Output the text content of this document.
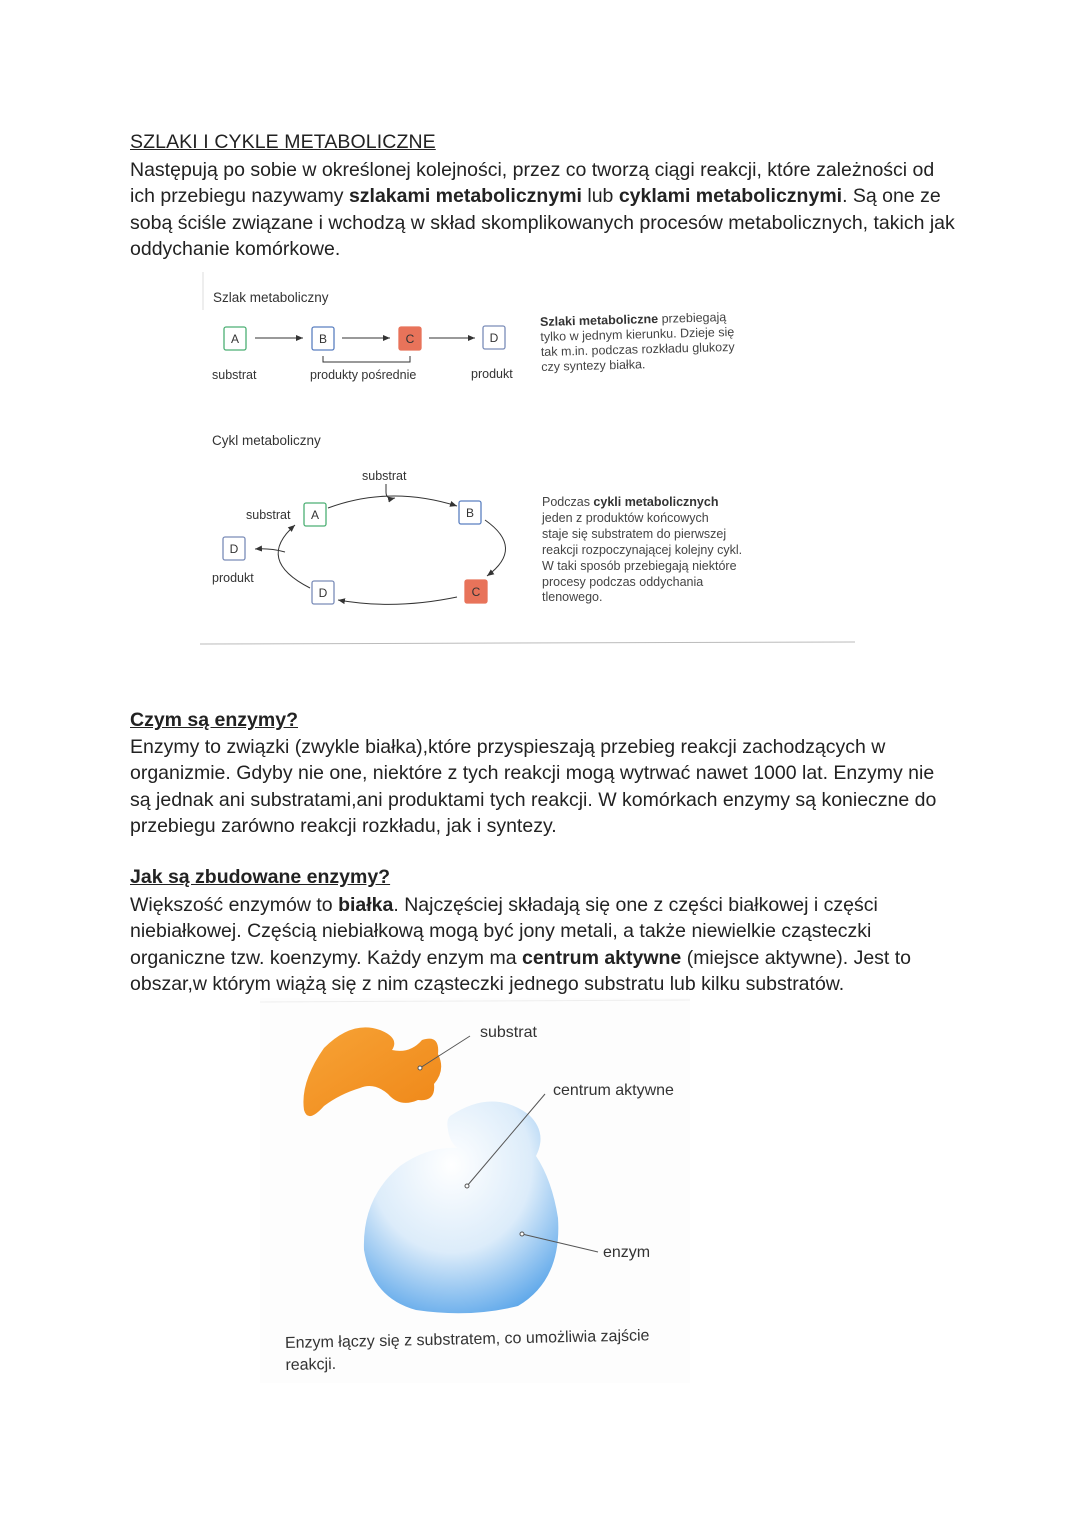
SZLAKI I CYKLE METABOLICZNE

Następują po sobie w określonej kolejności, przez co tworzą ciągi reakcji, które zależności od ich przebiegu nazywamy szlakami metabolicznymi lub cyklami metabolicznymi. Są one ze sobą ściśle związane i wchodzą w skład skomplikowanych procesów metabolicznych, takich jak oddychanie komórkowe.

Szlak metaboliczny
A	B	C	D
substrat	produkty pośrednie	produkt
Szlaki metaboliczne przebiegają
tylko w jednym kierunku. Dzieje się
tak m.in. podczas rozkładu glukozy
czy syntezy białka.
Cykl metaboliczny
substrat
substrat
produkt
A	B
C
D
D
Podczas cykli metabolicznych
jeden z produktów końcowych
staje się substratem do pierwszej
reakcji rozpoczynającej kolejny cykl.
W taki sposób przebiegają niektóre
procesy podczas oddychania
tlenowego.
Czym są enzymy?

Enzymy to związki (zwykle białka),które przyspieszają przebieg reakcji zachodzących w organizmie. Gdyby nie one, niektóre z tych reakcji mogą wytrwać nawet 1000 lat. Enzymy nie są jednak ani substratami,ani produktami tych reakcji. W komórkach enzymy są konieczne do przebiegu zarówno reakcji rozkładu, jak i syntezy.

Jak są zbudowane enzymy?

Większość enzymów to białka. Najczęściej składają się one z części białkowej i części niebiałkowej. Częścią niebiałkową mogą być jony metali, a także niewielkie cząsteczki organiczne tzw. koenzymy. Każdy enzym ma centrum aktywne (miejsce aktywne). Jest to obszar,w którym wiążą się z nim cząsteczki jednego substratu lub kilku substratów.

substrat
centrum aktywne
enzym
Enzym łączy się z substratem, co umożliwia zajście
reakcji.
